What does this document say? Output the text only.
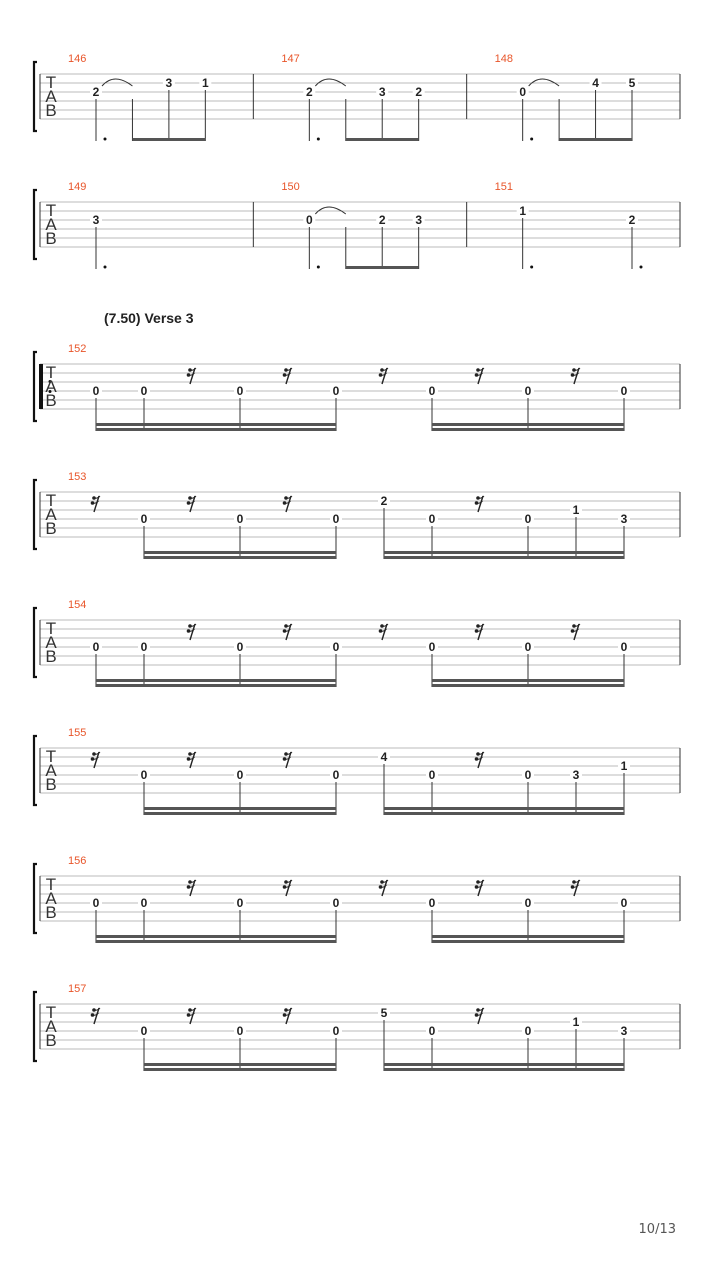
T
A
B
146
2
3 1
147
2	3 2
148
0
4 5
T
A
B
149
3
150
0	2 3
151
1
2
T
A
B
152
0	0	0	0	0	0	0
T
A
B
153
0	0	0
2
0	0
1
3
T
A
B
154
0	0	0	0	0	0	0
T
A
B
155
0	0	0
4
0	0	3
1
T
A
B
156
0	0	0	0	0	0	0
T
A
B
157
0	0	0
5
0	0
1
3
(7.50) Verse 3
10/13
